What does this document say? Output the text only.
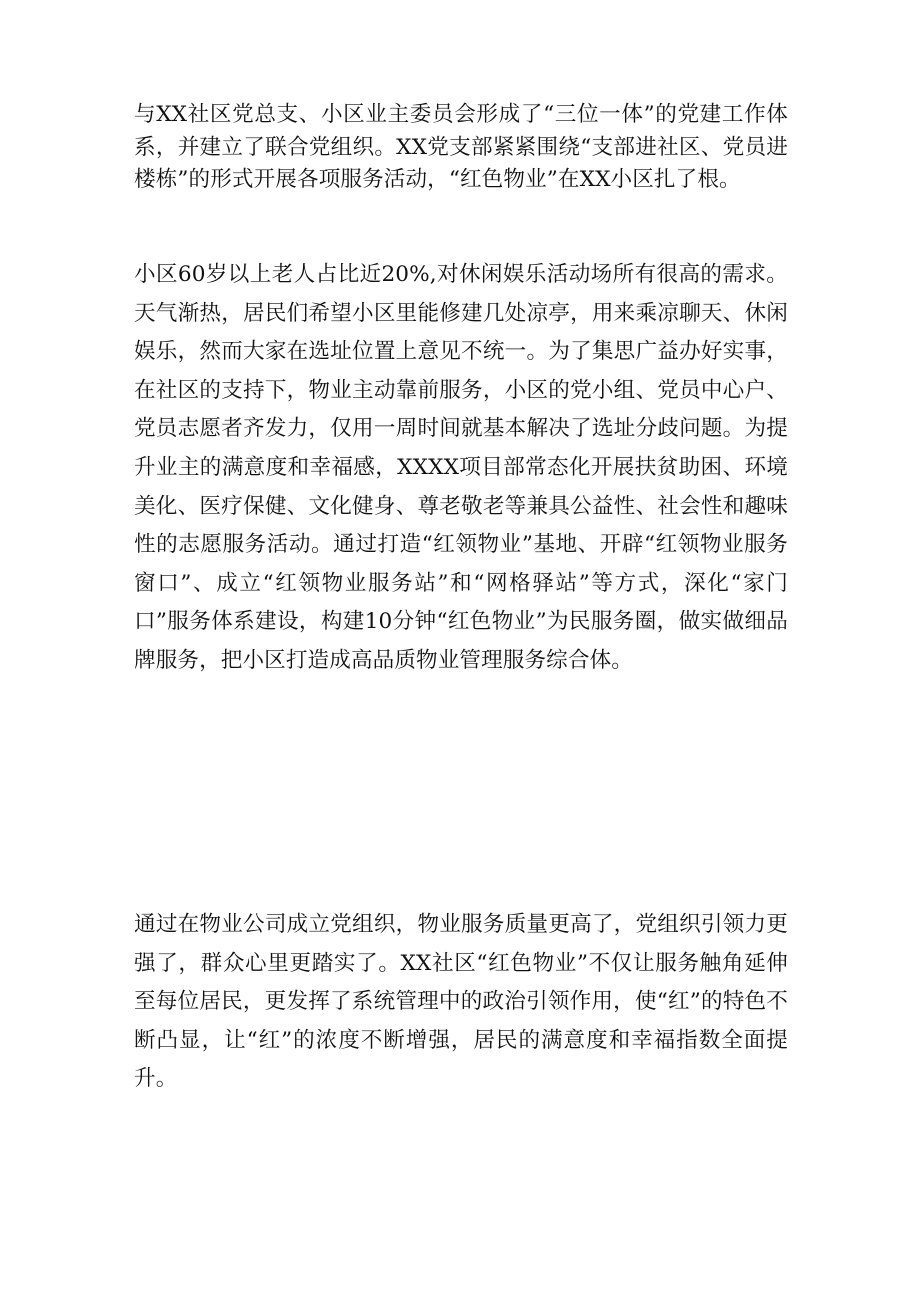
与XX社区党总支、小区业主委员会形成了“三位一体”的党建工作体系，并建立了联合党组织。XX党支部紧紧围绕“支部进社区、党员进楼栋”的形式开展各项服务活动，“红色物业”在XX小区扎了根。

小区60岁以上老人占比近20%,对休闲娱乐活动场所有很高的需求。天气渐热，居民们希望小区里能修建几处凉亭，用来乘凉聊天、休闲娱乐，然而大家在选址位置上意见不统一。为了集思广益办好实事，在社区的支持下，物业主动靠前服务，小区的党小组、党员中心户、党员志愿者齐发力，仅用一周时间就基本解决了选址分歧问题。为提升业主的满意度和幸福感，XXXX项目部常态化开展扶贫助困、环境美化、医疗保健、文化健身、尊老敬老等兼具公益性、社会性和趣味性的志愿服务活动。通过打造“红领物业”基地、开辟“红领物业服务窗口”、成立“红领物业服务站”和“网格驿站”等方式，深化“家门口”服务体系建设，构建10分钟“红色物业”为民服务圈，做实做细品牌服务，把小区打造成高品质物业管理服务综合体。

通过在物业公司成立党组织，物业服务质量更高了，党组织引领力更强了，群众心里更踏实了。XX社区“红色物业”不仅让服务触角延伸至每位居民，更发挥了系统管理中的政治引领作用，使“红”的特色不断凸显，让“红”的浓度不断增强，居民的满意度和幸福指数全面提升。
